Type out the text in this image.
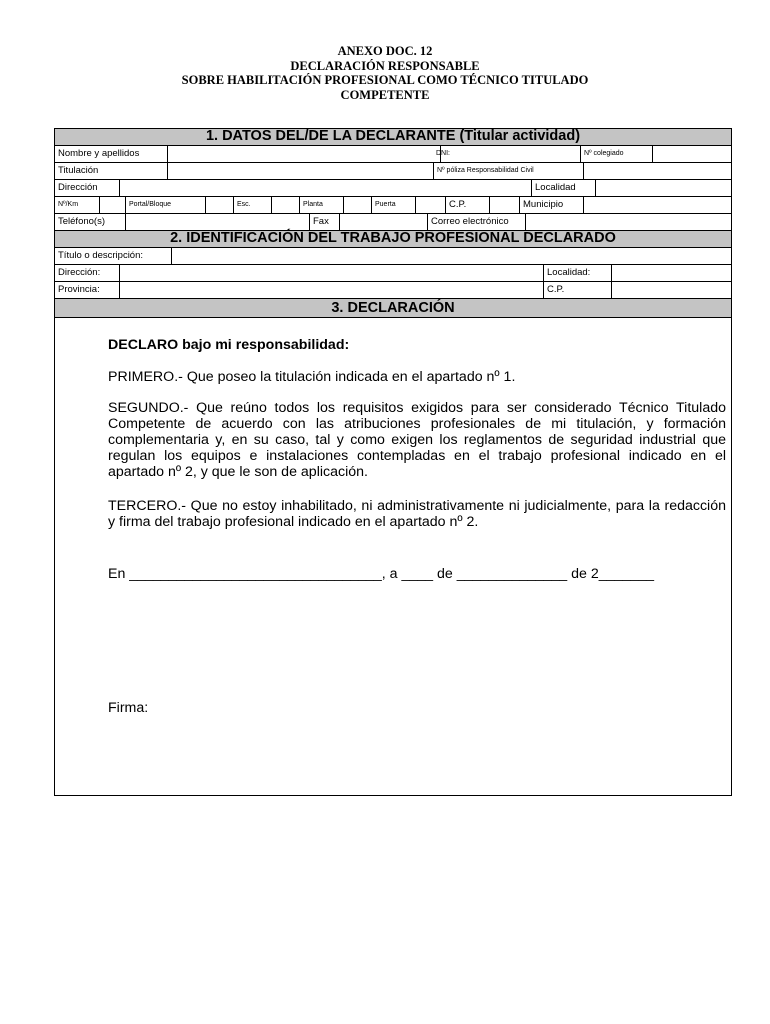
ANEXO DOC. 12
DECLARACIÓN RESPONSABLE
SOBRE HABILITACIÓN PROFESIONAL COMO TÉCNICO TITULADO
COMPETENTE
1. DATOS DEL/DE LA DECLARANTE (Titular actividad)
Nombre y apellidos	DNI:	Nº colegiado
Titulación	Nº póliza Responsabilidad Civil
Dirección	Localidad
Nº/Km	Portal/Bloque	Esc.	Planta	Puerta	C.P.	Municipio
Teléfono(s)	Fax	Correo electrónico
2. IDENTIFICACIÓN DEL TRABAJO PROFESIONAL DECLARADO
Título o descripción:
Dirección:	Localidad:
Provincia:	C.P.
3. DECLARACIÓN
DECLARO bajo mi responsabilidad:
PRIMERO.- Que poseo la titulación indicada en el apartado nº 1.
SEGUNDO.- Que reúno todos los requisitos exigidos para ser considerado Técnico Titulado Competente de acuerdo con las atribuciones profesionales de mi titulación, y formación complementaria y, en su caso, tal y como exigen los reglamentos de seguridad industrial que regulan los equipos e instalaciones contempladas en el trabajo profesional indicado en el apartado nº 2, y que le son de aplicación.
TERCERO.- Que no estoy inhabilitado, ni administrativamente ni judicialmente, para la redacción y firma del trabajo profesional indicado en el apartado nº 2.
En ________________________________, a ____ de ______________ de 2_______
Firma:
